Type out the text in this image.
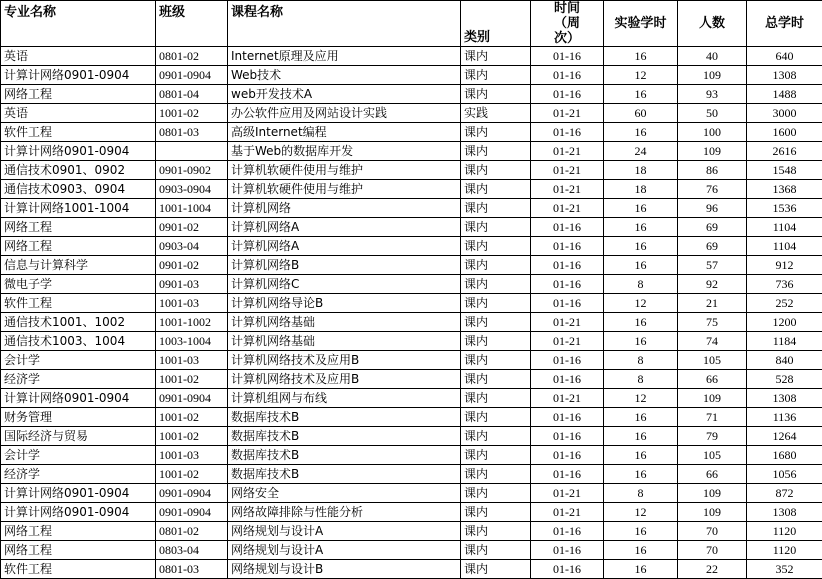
专业名称	班级	课程名称	类别	时间（周次）	实验学时	人数	总学时
英语	0801-02	Internet原理及应用	课内	01-16	16	40	640
计算计网络0901-0904	0901-0904	Web技术	课内	01-16	12	109	1308
网络工程	0801-04	web开发技术A	课内	01-16	16	93	1488
英语	1001-02	办公软件应用及网站设计实践	实践	01-21	60	50	3000
软件工程	0801-03	高级Internet编程	课内	01-16	16	100	1600
计算计网络0901-0904		基于Web的数据库开发	课内	01-21	24	109	2616
通信技术0901、0902	0901-0902	计算机软硬件使用与维护	课内	01-21	18	86	1548
通信技术0903、0904	0903-0904	计算机软硬件使用与维护	课内	01-21	18	76	1368
计算计网络1001-1004	1001-1004	计算机网络	课内	01-21	16	96	1536
网络工程	0901-02	计算机网络A	课内	01-16	16	69	1104
网络工程	0903-04	计算机网络A	课内	01-16	16	69	1104
信息与计算科学	0901-02	计算机网络B	课内	01-16	16	57	912
微电子学	0901-03	计算机网络C	课内	01-16	8	92	736
软件工程	1001-03	计算机网络导论B	课内	01-16	12	21	252
通信技术1001、1002	1001-1002	计算机网络基础	课内	01-21	16	75	1200
通信技术1003、1004	1003-1004	计算机网络基础	课内	01-21	16	74	1184
会计学	1001-03	计算机网络技术及应用B	课内	01-16	8	105	840
经济学	1001-02	计算机网络技术及应用B	课内	01-16	8	66	528
计算计网络0901-0904	0901-0904	计算机组网与布线	课内	01-21	12	109	1308
财务管理	1001-02	数据库技术B	课内	01-16	16	71	1136
国际经济与贸易	1001-02	数据库技术B	课内	01-16	16	79	1264
会计学	1001-03	数据库技术B	课内	01-16	16	105	1680
经济学	1001-02	数据库技术B	课内	01-16	16	66	1056
计算计网络0901-0904	0901-0904	网络安全	课内	01-21	8	109	872
计算计网络0901-0904	0901-0904	网络故障排除与性能分析	课内	01-21	12	109	1308
网络工程	0801-02	网络规划与设计A	课内	01-16	16	70	1120
网络工程	0803-04	网络规划与设计A	课内	01-16	16	70	1120
软件工程	0801-03	网络规划与设计B	课内	01-16	16	22	352
